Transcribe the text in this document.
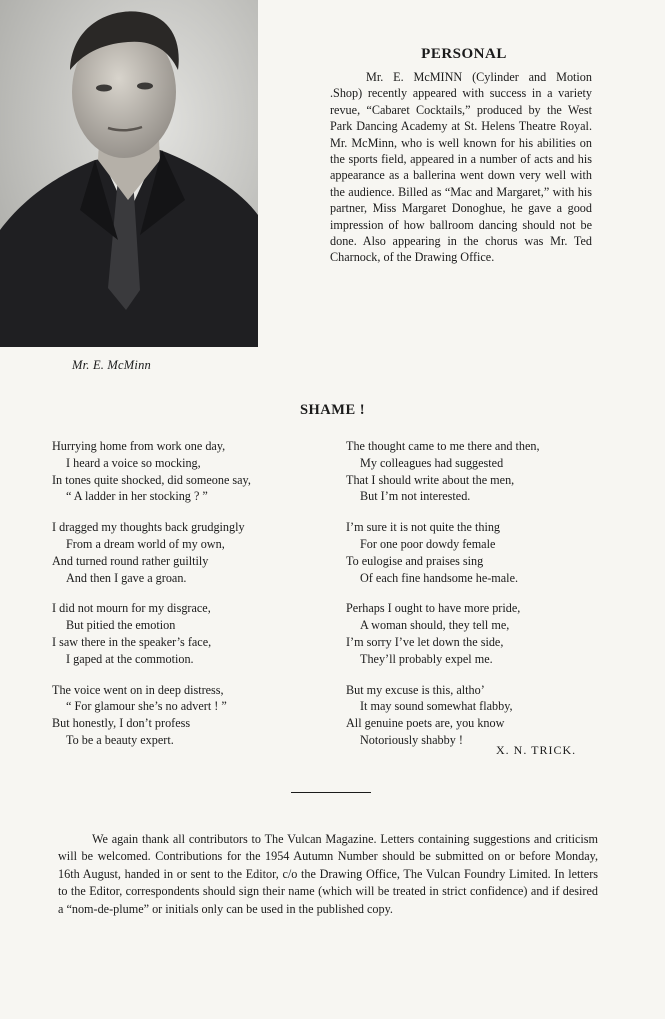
Mr. E. McMinn
PERSONAL

Mr. E. McMINN (Cylinder and Motion .Shop) recently appeared with success in a variety revue, “Cabaret Cocktails,” produced by the West Park Dancing Academy at St. Helens Theatre Royal. Mr. McMinn, who is well known for his abilities on the sports field, appeared in a number of acts and his appearance as a ballerina went down very well with the audience. Billed as “Mac and Margaret,” with his partner, Miss Margaret Donoghue, he gave a good impression of how ballroom dancing should not be done. Also appearing in the chorus was Mr. Ted Charnock, of the Drawing Office.

SHAME !
Hurrying home from work one day,
I heard a voice so mocking,
In tones quite shocked, did someone say,
“ A ladder in her stocking ? ”
I dragged my thoughts back grudgingly
From a dream world of my own,
And turned round rather guiltily
And then I gave a groan.
I did not mourn for my disgrace,
But pitied the emotion
I saw there in the speaker’s face,
I gaped at the commotion.
The voice went on in deep distress,
“ For glamour she’s no advert ! ”
But honestly, I don’t profess
To be a beauty expert.
The thought came to me there and then,
My colleagues had suggested
That I should write about the men,
But I’m not interested.
I’m sure it is not quite the thing
For one poor dowdy female
To eulogise and praises sing
Of each fine handsome he-male.
Perhaps I ought to have more pride,
A woman should, they tell me,
I’m sorry I’ve let down the side,
They’ll probably expel me.
But my excuse is this, altho’
It may sound somewhat flabby,
All genuine poets are, you know
Notoriously shabby !
X. N. TRICK.
We again thank all contributors to The Vulcan Magazine. Letters containing suggestions and criticism will be welcomed. Contributions for the 1954 Autumn Number should be submitted on or before Monday, 16th August, handed in or sent to the Editor, c/o the Drawing Office, The Vulcan Foundry Limited. In letters to the Editor, correspondents should sign their name (which will be treated in strict confidence) and if desired a “nom-de-plume” or initials only can be used in the published copy.
